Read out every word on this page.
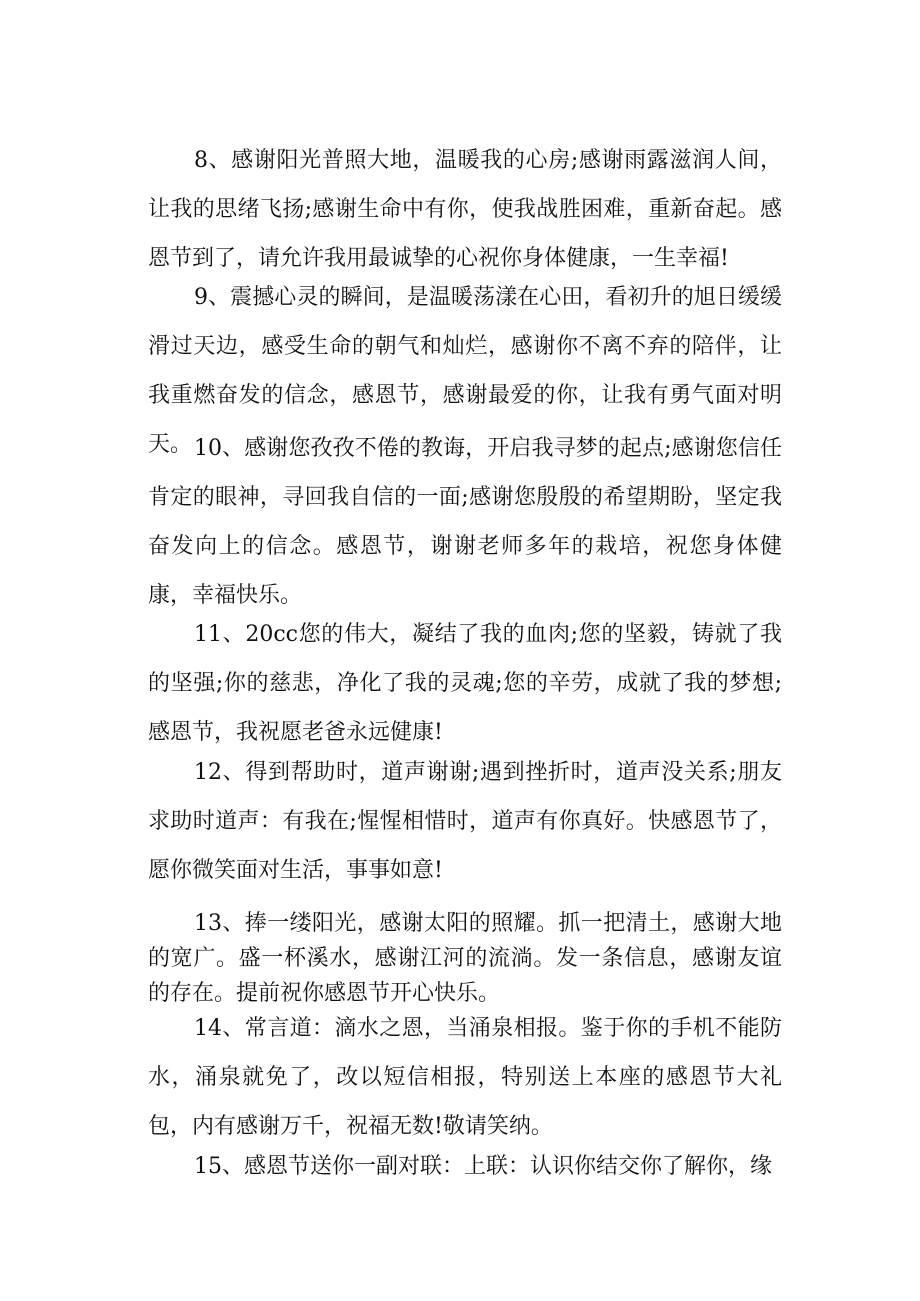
8、感谢阳光普照大地，温暖我的心房;感谢雨露滋润人间，让我的思绪飞扬;感谢生命中有你，使我战胜困难，重新奋起。感恩节到了，请允许我用最诚挚的心祝你身体健康，一生幸福!

9、震撼心灵的瞬间，是温暖荡漾在心田，看初升的旭日缓缓滑过天边，感受生命的朝气和灿烂，感谢你不离不弃的陪伴，让我重燃奋发的信念，感恩节，感谢最爱的你，让我有勇气面对明天。 10、感谢您孜孜不倦的教诲，开启我寻梦的起点;感谢您信任肯定的眼神，寻回我自信的一面;感谢您殷殷的希望期盼，坚定我奋发向上的信念。感恩节，谢谢老师多年的栽培，祝您身体健康，幸福快乐。

11、20cc您的伟大，凝结了我的血肉;您的坚毅，铸就了我的坚强;你的慈悲，净化了我的灵魂;您的辛劳，成就了我的梦想;感恩节，我祝愿老爸永远健康!

12、得到帮助时，道声谢谢;遇到挫折时，道声没关系;朋友求助时道声：有我在;惺惺相惜时，道声有你真好。快感恩节了，愿你微笑面对生活，事事如意!

13、捧一缕阳光，感谢太阳的照耀。抓一把清土，感谢大地的宽广。盛一杯溪水，感谢江河的流淌。发一条信息，感谢友谊的存在。提前祝你感恩节开心快乐。

14、常言道：滴水之恩，当涌泉相报。鉴于你的手机不能防水，涌泉就免了，改以短信相报，特别送上本座的感恩节大礼包，内有感谢万千，祝福无数!敬请笑纳。

15、感恩节送你一副对联：上联：认识你结交你了解你，缘
